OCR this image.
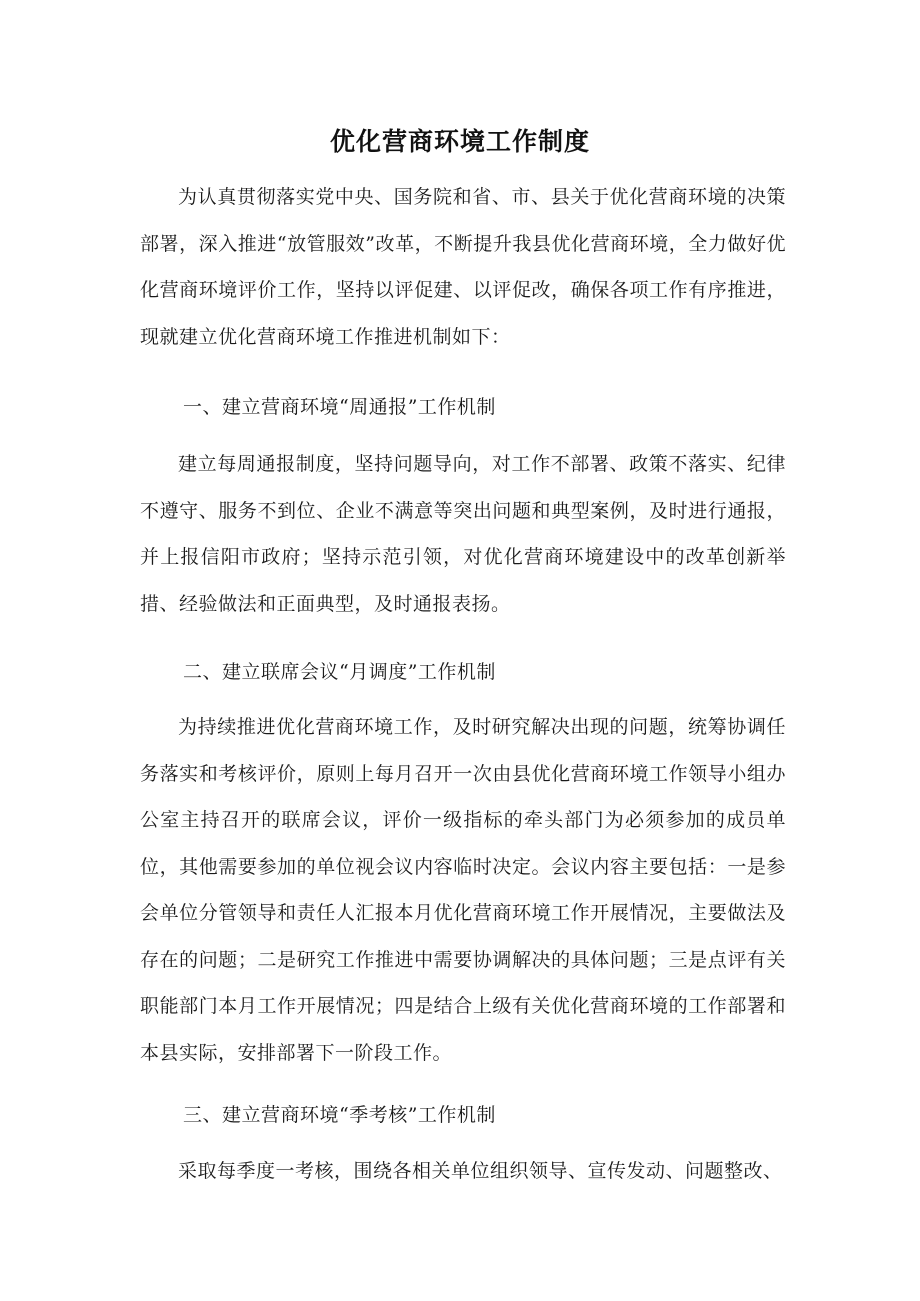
优化营商环境工作制度

为认真贯彻落实党中央、国务院和省、市、县关于优化营商环境的决策部署，深入推进“放管服效”改革，不断提升我县优化营商环境，全力做好优化营商环境评价工作，坚持以评促建、以评促改，确保各项工作有序推进，现就建立优化营商环境工作推进机制如下：

一、建立营商环境“周通报”工作机制

建立每周通报制度，坚持问题导向，对工作不部署、政策不落实、纪律不遵守、服务不到位、企业不满意等突出问题和典型案例，及时进行通报，并上报信阳市政府；坚持示范引领，对优化营商环境建设中的改革创新举措、经验做法和正面典型，及时通报表扬。

二、建立联席会议“月调度”工作机制

为持续推进优化营商环境工作，及时研究解决出现的问题，统筹协调任务落实和考核评价，原则上每月召开一次由县优化营商环境工作领导小组办公室主持召开的联席会议，评价一级指标的牵头部门为必须参加的成员单位，其他需要参加的单位视会议内容临时决定。会议内容主要包括：一是参会单位分管领导和责任人汇报本月优化营商环境工作开展情况，主要做法及存在的问题；二是研究工作推进中需要协调解决的具体问题；三是点评有关职能部门本月工作开展情况；四是结合上级有关优化营商环境的工作部署和本县实际，安排部署下一阶段工作。

三、建立营商环境“季考核”工作机制

采取每季度一考核，围绕各相关单位组织领导、宣传发动、问题整改、
